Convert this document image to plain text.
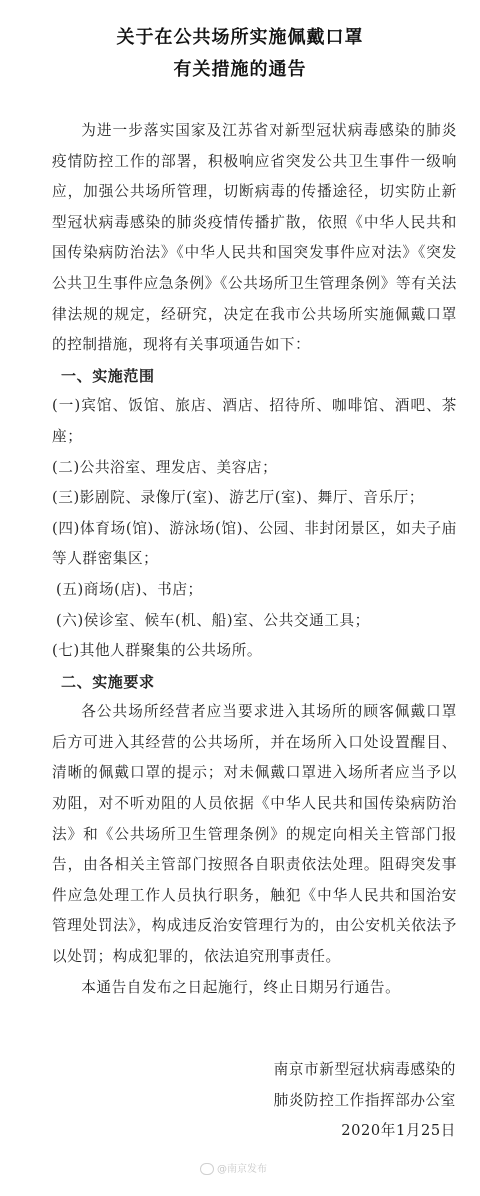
关于在公共场所实施佩戴口罩
有关措施的通告

为进一步落实国家及江苏省对新型冠状病毒感染的肺炎疫情防控工作的部署，积极响应省突发公共卫生事件一级响应，加强公共场所管理，切断病毒的传播途径，切实防止新型冠状病毒感染的肺炎疫情传播扩散，依照《中华人民共和国传染病防治法》《中华人民共和国突发事件应对法》《突发公共卫生事件应急条例》《公共场所卫生管理条例》等有关法律法规的规定，经研究，决定在我市公共场所实施佩戴口罩的控制措施，现将有关事项通告如下：

一、实施范围

(一)宾馆、饭馆、旅店、酒店、招待所、咖啡馆、酒吧、茶座；

(二)公共浴室、理发店、美容店；

(三)影剧院、录像厅(室)、游艺厅(室)、舞厅、音乐厅；

(四)体育场(馆)、游泳场(馆)、公园、非封闭景区，如夫子庙等人群密集区；

(五)商场(店)、书店；

(六)侯诊室、候车(机、船)室、公共交通工具；

(七)其他人群聚集的公共场所。

二、实施要求

各公共场所经营者应当要求进入其场所的顾客佩戴口罩后方可进入其经营的公共场所，并在场所入口处设置醒目、清晰的佩戴口罩的提示；对未佩戴口罩进入场所者应当予以劝阻，对不听劝阻的人员依据《中华人民共和国传染病防治法》和《公共场所卫生管理条例》的规定向相关主管部门报告，由各相关主管部门按照各自职责依法处理。阻碍突发事件应急处理工作人员执行职务，触犯《中华人民共和国治安管理处罚法》，构成违反治安管理行为的，由公安机关依法予以处罚；构成犯罪的，依法追究刑事责任。

本通告自发布之日起施行，终止日期另行通告。

南京市新型冠状病毒感染的

肺炎防控工作指挥部办公室

2020年1月25日

@南京发布
